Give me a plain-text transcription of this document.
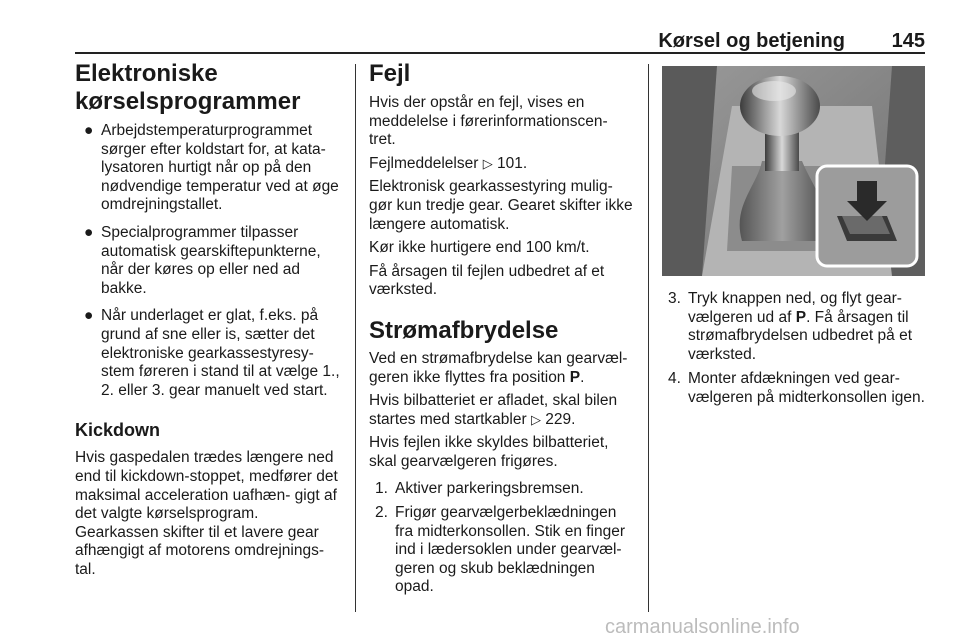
Kørsel og betjening 145
Elektroniske
kørselsprogrammer
● Arbejdstemperaturprogrammet sørger efter koldstart for, at kata‐ lysatoren hurtigt når op på den nødvendige temperatur ved at øge omdrejningstallet.
● Specialprogrammer tilpasser automatisk gearskiftepunkterne, når der køres op eller ned ad bakke.
● Når underlaget er glat, f.eks. på grund af sne eller is, sætter det elektroniske gearkassestyresy‐ stem føreren i stand til at vælge 1., 2. eller 3. gear manuelt ved start.
Kickdown
Hvis gaspedalen trædes længere ned end til kickdown-stoppet, medfører det maksimal acceleration uafhæn‐ gigt af det valgte kørselsprogram. Gearkassen skifter til et lavere gear afhængigt af motorens omdrejnings‐ tal.
Fejl
Hvis der opstår en fejl, vises en meddelelse i førerinformationscen‐ tret.
Fejlmeddelelser ▷ 101.
Elektronisk gearkassestyring mulig‐ gør kun tredje gear. Gearet skifter ikke længere automatisk.
Kør ikke hurtigere end 100 km/t.
Få årsagen til fejlen udbedret af et værksted.
Strømafbrydelse
Ved en strømafbrydelse kan gearvæl‐ geren ikke flyttes fra position P.
Hvis bilbatteriet er afladet, skal bilen startes med startkabler ▷ 229.
Hvis fejlen ikke skyldes bilbatteriet, skal gearvælgeren frigøres.
1. Aktiver parkeringsbremsen.
2. Frigør gearvælgerbeklædningen fra midterkonsollen. Stik en finger ind i lædersoklen under gearvæl‐ geren og skub beklædningen opad.
3. Tryk knappen ned, og flyt gear‐ vælgeren ud af P. Få årsagen til strømafbrydelsen udbedret på et værksted.
4. Monter afdækningen ved gear‐ vælgeren på midterkonsollen igen.
carmanualsonline.info
